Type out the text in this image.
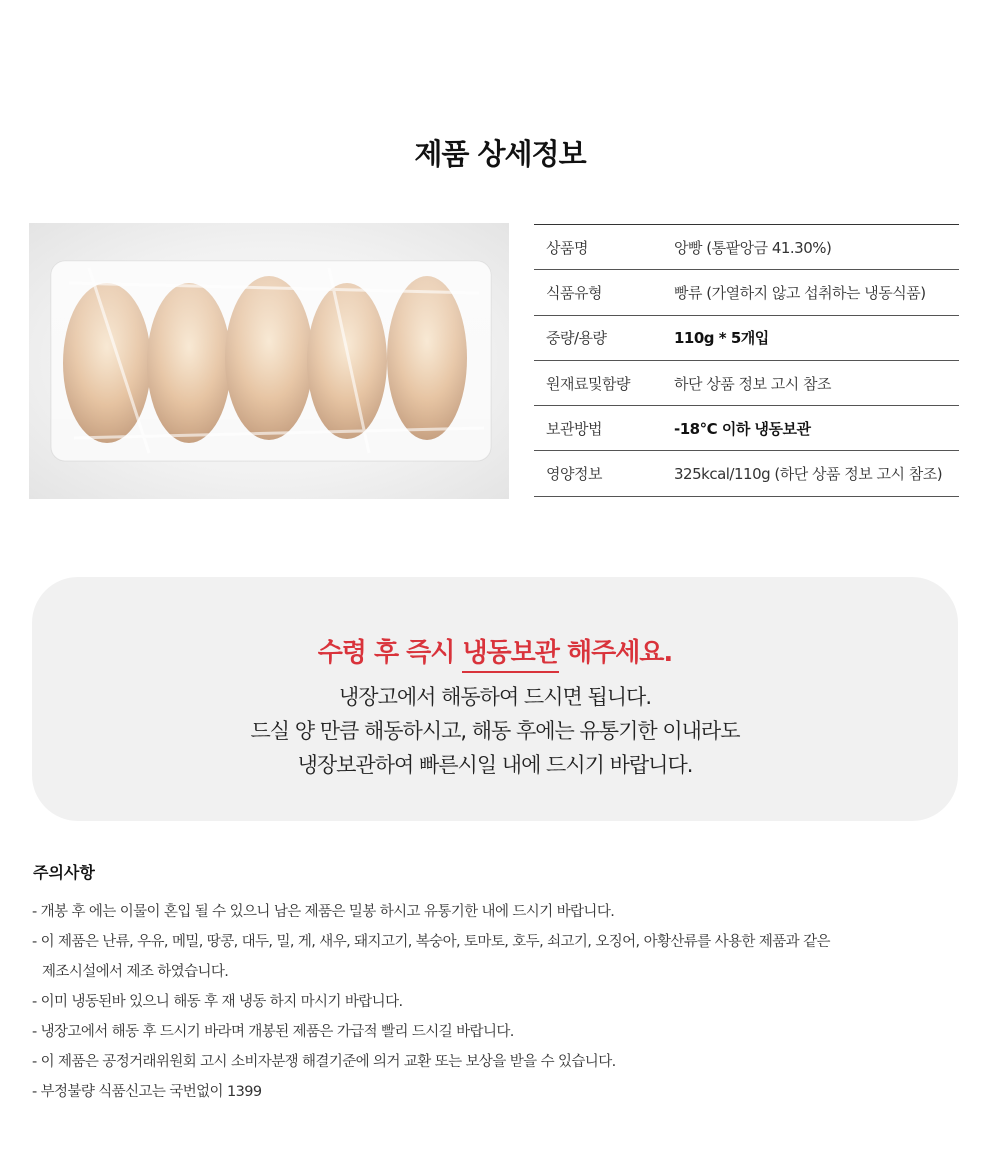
제품 상세정보
상품명	앙빵 (통팥앙금 41.30%)
식품유형	빵류 (가열하지 않고 섭취하는 냉동식품)
중량/용량	110g * 5개입
원재료및함량	하단 상품 정보 고시 참조
보관방법	-18°C 이하 냉동보관
영양정보	325kcal/110g (하단 상품 정보 고시 참조)
수령 후 즉시 냉동보관 해주세요.
냉장고에서 해동하여 드시면 됩니다.
드실 양 만큼 해동하시고, 해동 후에는 유통기한 이내라도
냉장보관하여 빠른시일 내에 드시기 바랍니다.
주의사항
- 개봉 후 에는 이물이 혼입 될 수 있으니 남은 제품은 밀봉 하시고 유통기한 내에 드시기 바랍니다.
- 이 제품은 난류, 우유, 메밀, 땅콩, 대두, 밀, 게, 새우, 돼지고기, 복숭아, 토마토, 호두, 쇠고기, 오징어, 아황산류를 사용한 제품과 같은
제조시설에서 제조 하였습니다.
- 이미 냉동된바 있으니 해동 후 재 냉동 하지 마시기 바랍니다.
- 냉장고에서 해동 후 드시기 바라며 개봉된 제품은 가급적 빨리 드시길 바랍니다.
- 이 제품은 공정거래위원회 고시 소비자분쟁 해결기준에 의거 교환 또는 보상을 받을 수 있습니다.
- 부정불량 식품신고는 국번없이 1399
